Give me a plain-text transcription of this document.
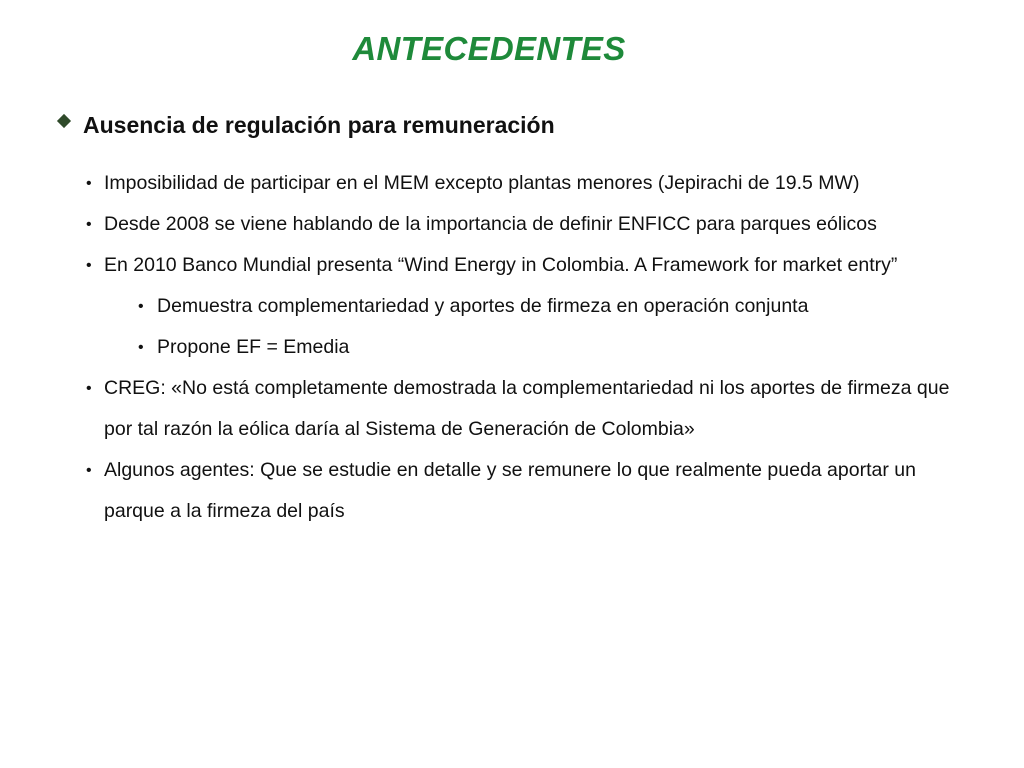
ANTECEDENTES
Ausencia de regulación para remuneración
• Imposibilidad de participar en el MEM excepto plantas menores (Jepirachi de 19.5 MW)
• Desde 2008 se viene hablando de la importancia de definir ENFICC para parques eólicos
• En 2010 Banco Mundial presenta “Wind Energy in Colombia. A Framework for market entry”
• Demuestra complementariedad y aportes de firmeza en operación conjunta
• Propone EF = Emedia
• CREG: «No está completamente demostrada la complementariedad ni los aportes de firmeza que por tal razón la eólica daría al Sistema de Generación de Colombia»
• Algunos agentes: Que se estudie en detalle y se remunere lo que realmente pueda aportar un parque a la firmeza del país
